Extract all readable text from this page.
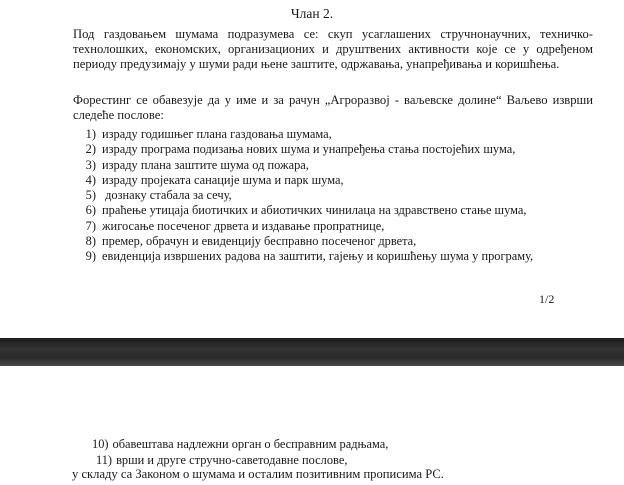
Члан 2.
Под газдовањем шумама подразумева се: скуп усаглашених стручнонаучних, техничко-технолошких, економских, организационих и друштвених активности које се у одређеном периоду предузимају у шуми ради њене заштите, одржавања, унапређивања и коришћења.
Форестинг се обавезује да у име и за рачун „Агроразвој - ваљевске долине“ Ваљево изврши следеће послове:
1) израду годишњег плана газдовања шумама,
2) израду програма подизања нових шума и унапређења стања постојећих шума,
3) израду плана заштите шума од пожара,
4) израду пројеката санације шума и парк шума,
5) дознаку стабала за сечу,
6) праћење утицаја биотичких и абиотичких чинилаца на здравствено стање шума,
7) жигосање посеченог дрвета и издавање пропратнице,
8) премер, обрачун и евиденцију бесправно посеченог дрвета,
9) евиденција извршених радова на заштити, гајењу и коришћењу шума у програму,
1/2
10) обавештава надлежни орган о бесправним радњама,
11) врши и друге стручно-саветодавне послове,
у складу са Законом о шумама и осталим позитивним прописима РС.
